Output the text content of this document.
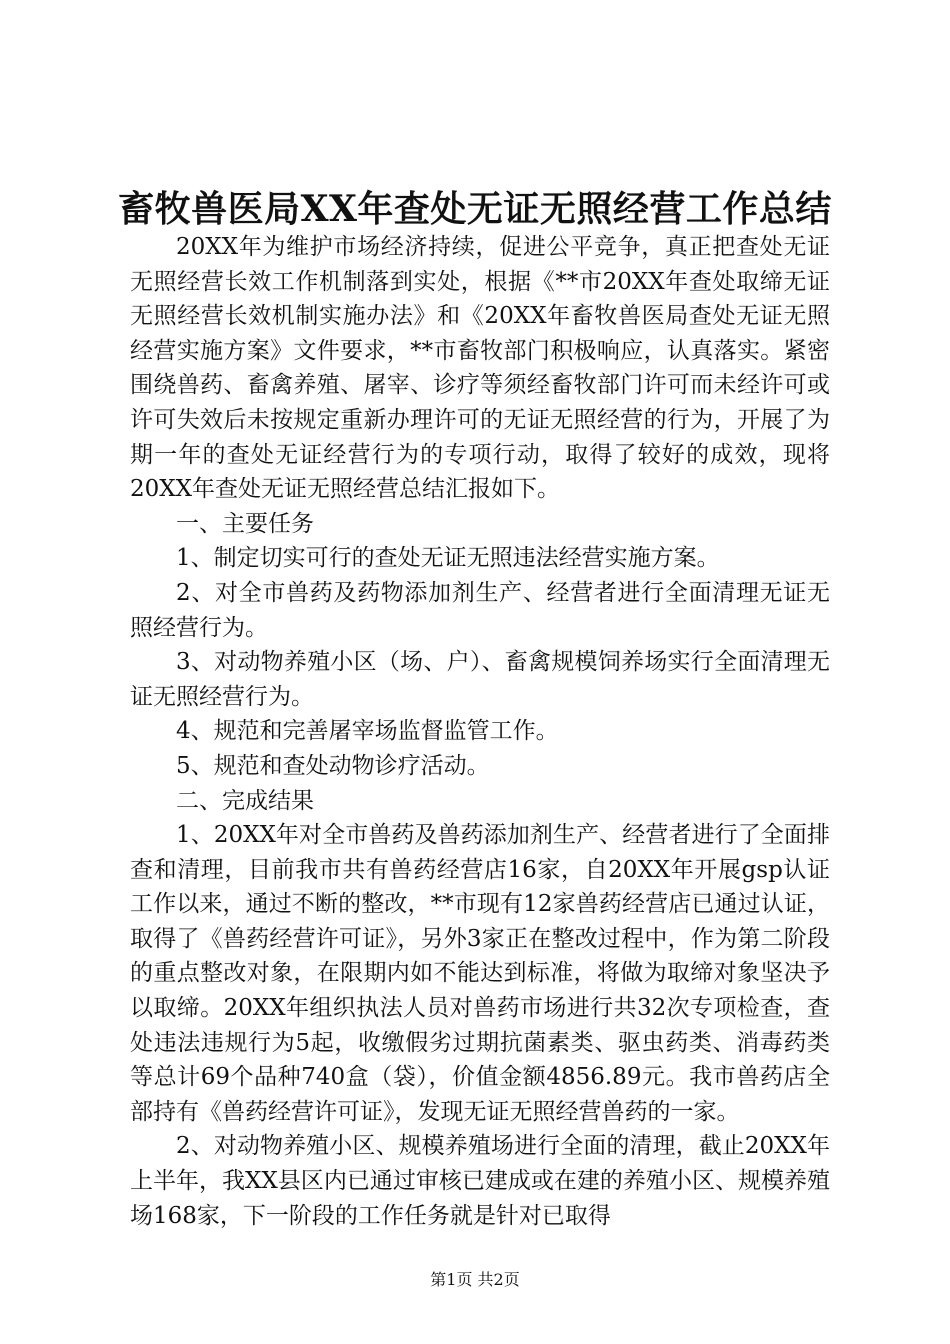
畜牧兽医局XX年查处无证无照经营工作总结

20XX年为维护市场经济持续，促进公平竞争，真正把查处无证无照经营长效工作机制落到实处，根据《**市20XX年查处取缔无证无照经营长效机制实施办法》和《20XX年畜牧兽医局查处无证无照经营实施方案》文件要求，**市畜牧部门积极响应，认真落实。紧密围绕兽药、畜禽养殖、屠宰、诊疗等须经畜牧部门许可而未经许可或许可失效后未按规定重新办理许可的无证无照经营的行为，开展了为期一年的查处无证经营行为的专项行动，取得了较好的成效，现将20XX年查处无证无照经营总结汇报如下。

一、主要任务

1、制定切实可行的查处无证无照违法经营实施方案。

2、对全市兽药及药物添加剂生产、经营者进行全面清理无证无照经营行为。

3、对动物养殖小区（场、户）、畜禽规模饲养场实行全面清理无证无照经营行为。

4、规范和完善屠宰场监督监管工作。

5、规范和查处动物诊疗活动。

二、完成结果

1、20XX年对全市兽药及兽药添加剂生产、经营者进行了全面排查和清理，目前我市共有兽药经营店16家，自20XX年开展gsp认证工作以来，通过不断的整改，**市现有12家兽药经营店已通过认证，取得了《兽药经营许可证》，另外3家正在整改过程中，作为第二阶段的重点整改对象，在限期内如不能达到标准，将做为取缔对象坚决予以取缔。20XX年组织执法人员对兽药市场进行共32次专项检查，查处违法违规行为5起，收缴假劣过期抗菌素类、驱虫药类、消毒药类等总计69个品种740盒（袋），价值金额4856.89元。我市兽药店全部持有《兽药经营许可证》，发现无证无照经营兽药的一家。

2、对动物养殖小区、规模养殖场进行全面的清理，截止20XX年上半年，我XX县区内已通过审核已建成或在建的养殖小区、规模养殖场168家，下一阶段的工作任务就是针对已取得

第1页 共2页
